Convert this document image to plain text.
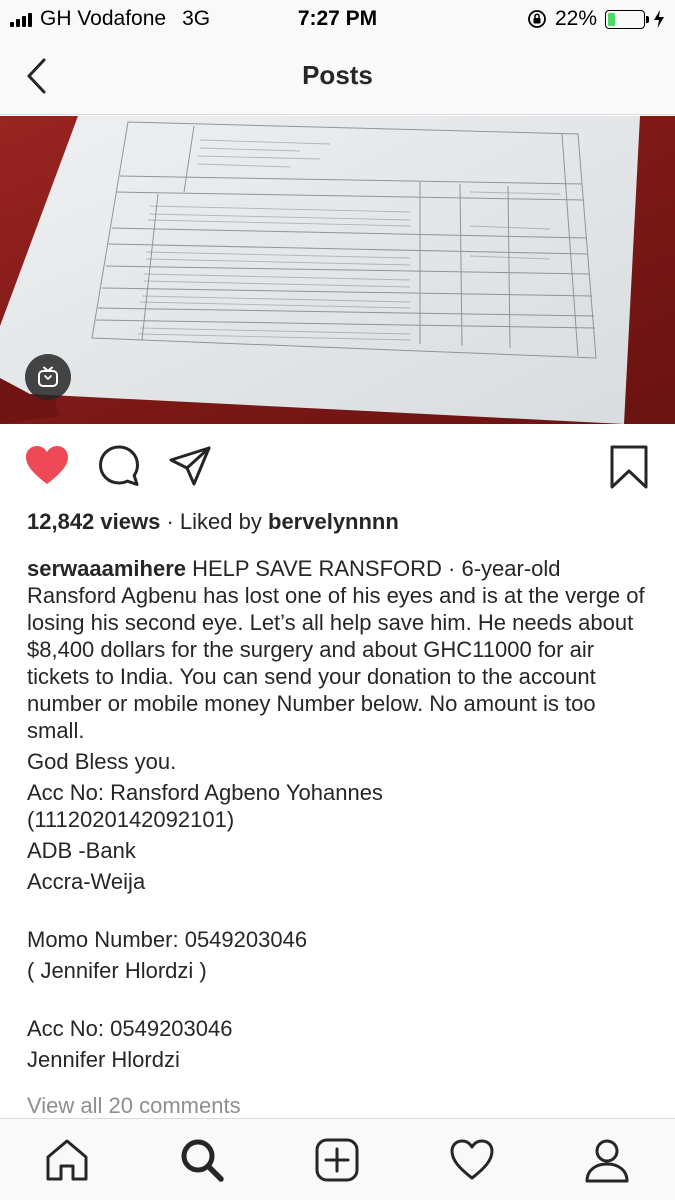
GH Vodafone 3G	7:27 PM	22%
Posts
12,842 views · Liked by bervelynnnn

serwaaamihere HELP SAVE RANSFORD · 6-year-old Ransford Agbenu has lost one of his eyes and is at the verge of losing his second eye. Let’s all help save him. He needs about $8,400 dollars for the surgery and about GHC11000 for air tickets to India. You can send your donation to the account number or mobile money Number below. No amount is too small.

God Bless you.

Acc No: Ransford Agbeno Yohannes

(1112020142092101)

ADB -Bank

Accra-Weija

Momo Number: 0549203046

( Jennifer Hlordzi )

Acc No: 0549203046

Jennifer Hlordzi

View all 20 comments
